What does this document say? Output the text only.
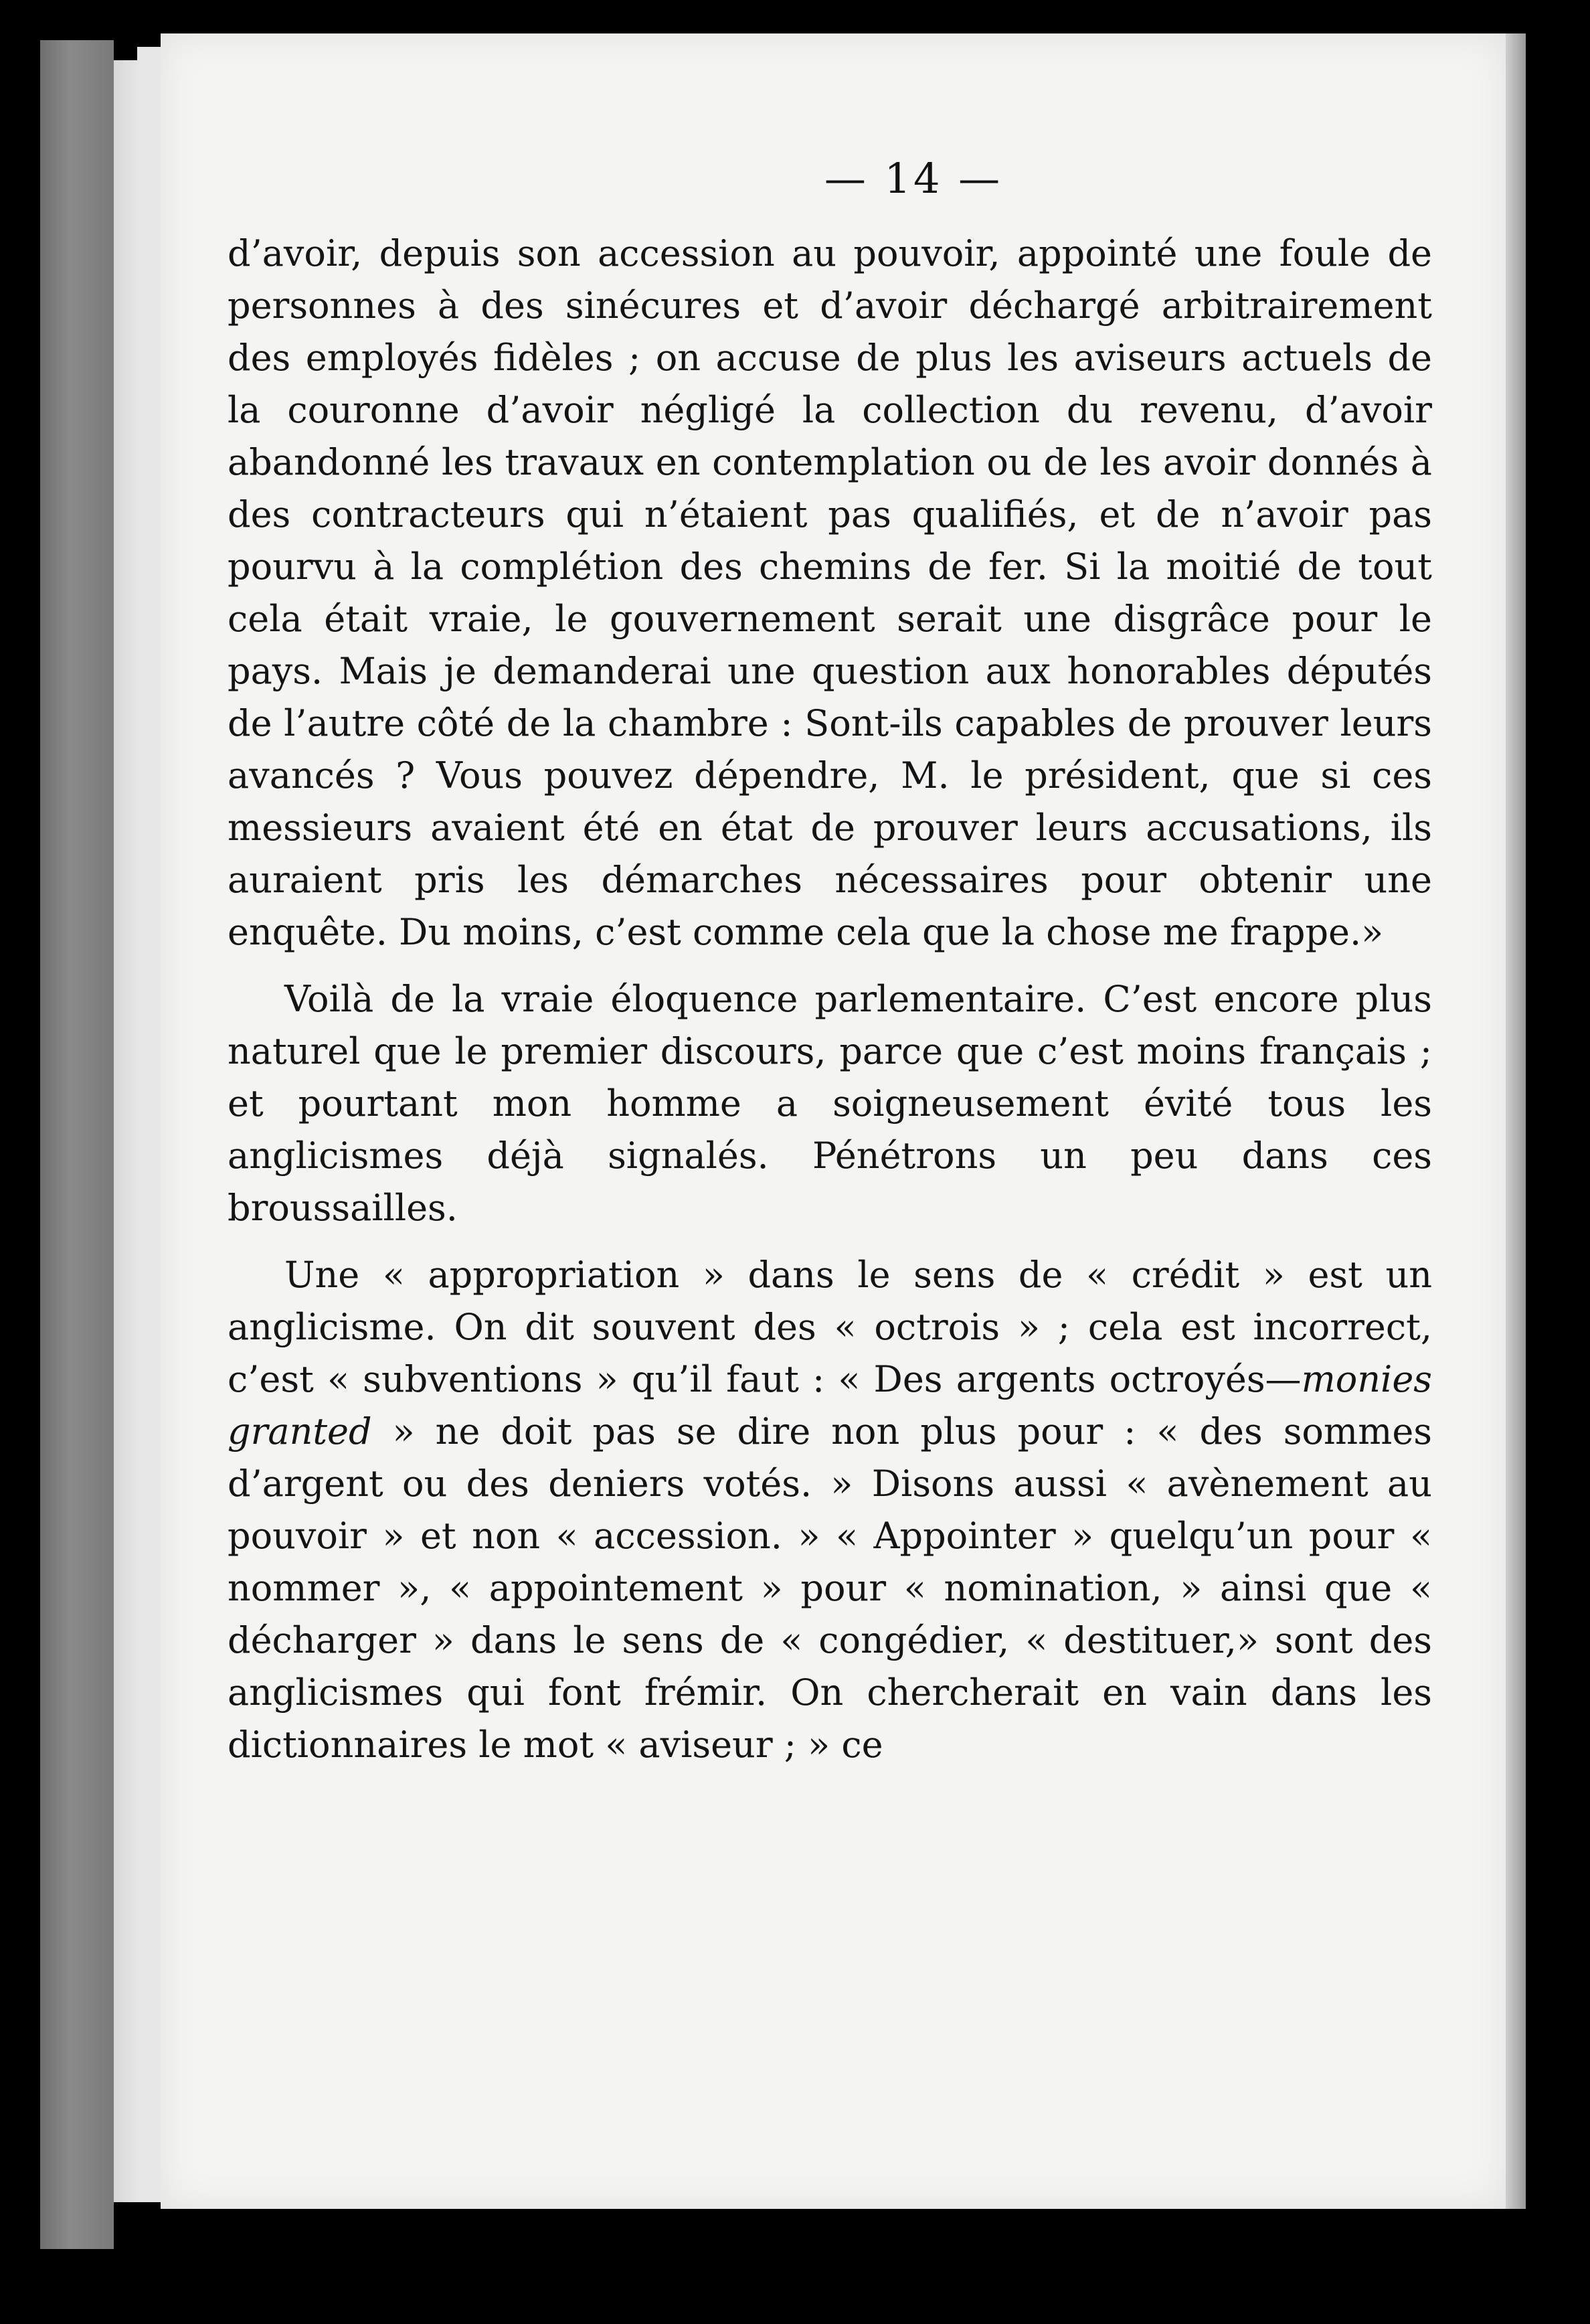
— 14 —

d’avoir, depuis son accession au pouvoir, appointé une foule de personnes à des sinécures et d’avoir déchargé arbitrairement des employés fidèles ; on accuse de plus les aviseurs actuels de la couronne d’avoir négligé la collection du revenu, d’avoir abandonné les travaux en contemplation ou de les avoir donnés à des contracteurs qui n’étaient pas qualifiés, et de n’avoir pas pourvu à la complétion des chemins de fer. Si la moitié de tout cela était vraie, le gouvernement serait une disgrâce pour le pays. Mais je demanderai une question aux honorables députés de l’autre côté de la chambre : Sont-ils capables de prouver leurs avancés ? Vous pouvez dépendre, M. le président, que si ces messieurs avaient été en état de prouver leurs accusations, ils auraient pris les démarches nécessaires pour obtenir une enquête. Du moins, c’est comme cela que la chose me frappe.»

Voilà de la vraie éloquence parlementaire. C’est encore plus naturel que le premier discours, parce que c’est moins français ; et pourtant mon homme a soigneusement évité tous les anglicismes déjà signalés. Pénétrons un peu dans ces broussailles.

Une « appropriation » dans le sens de « crédit » est un anglicisme. On dit souvent des « octrois » ; cela est incorrect, c’est « subventions » qu’il faut : « Des argents octroyés—monies granted » ne doit pas se dire non plus pour : « des sommes d’argent ou des deniers votés. » Disons aussi « avènement au pouvoir » et non « accession. » « Appointer » quelqu’un pour « nommer », « appointement » pour « nomination, » ainsi que « décharger » dans le sens de « congédier, « destituer,» sont des anglicismes qui font frémir. On chercherait en vain dans les dictionnaires le mot « aviseur ; » ce
